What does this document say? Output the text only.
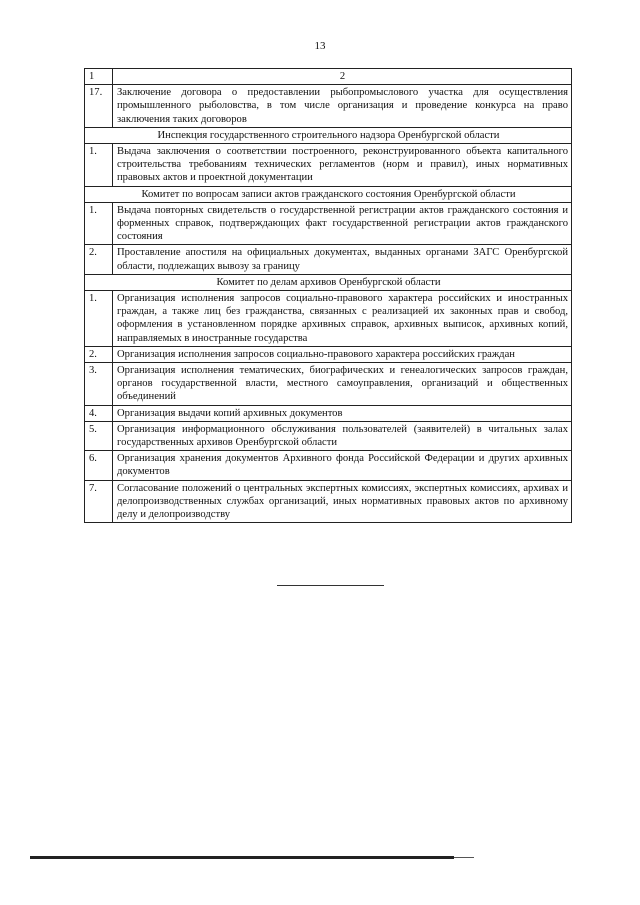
13
1	2
17.	Заключение договора о предоставлении рыбопромыслового участка для осуществления промышленного рыболовства, в том числе организация и проведение конкурса на право заключения таких договоров
Инспекция государственного строительного надзора Оренбургской области	
1.	Выдача заключения о соответствии построенного, реконструированного объекта капитального строительства требованиям технических регламентов (норм и правил), иных нормативных правовых актов и проектной документации
Комитет по вопросам записи актов гражданского состояния Оренбургской области	
1.	Выдача повторных свидетельств о государственной регистрации актов гражданского состояния и форменных справок, подтверждающих факт государственной регистрации актов гражданского состояния
2.	Проставление апостиля на официальных документах, выданных органами ЗАГС Оренбургской области, подлежащих вывозу за границу
Комитет по делам архивов Оренбургской области	
1.	Организация исполнения запросов социально-правового характера российских и иностранных граждан, а также лиц без гражданства, связанных с реализацией их законных прав и свобод, оформления в установленном порядке архивных справок, архивных выписок, архивных копий, направляемых в иностранные государства
2.	Организация исполнения запросов социально-правового характера российских граждан
3.	Организация исполнения тематических, биографических и генеалогических запросов граждан, органов государственной власти, местного самоуправления, организаций и общественных объединений
4.	Организация выдачи копий архивных документов
5.	Организация информационного обслуживания пользователей (заявителей) в читальных залах государственных архивов Оренбургской области
6.	Организация хранения документов Архивного фонда Российской Федерации и других архивных документов
7.	Согласование положений о центральных экспертных комиссиях, экспертных комиссиях, архивах и делопроизводственных службах организаций, иных нормативных правовых актов по архивному делу и делопроизводству
